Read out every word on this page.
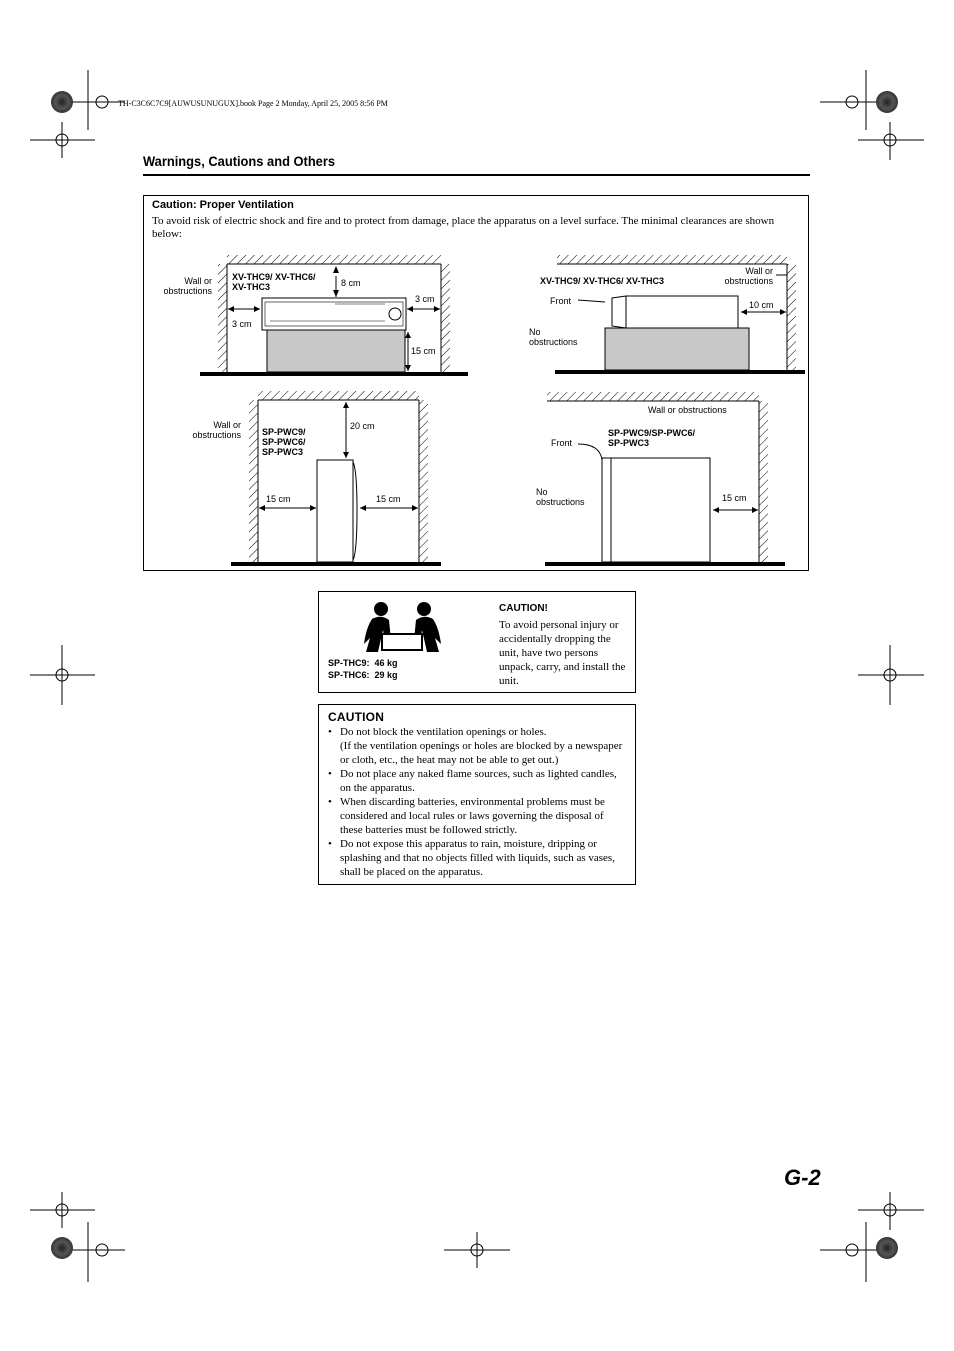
TH-C3C6C7C9[AUWUSUNUGUX].book Page 2 Monday, April 25, 2005 8:56 PM
Warnings, Cautions and Others
Caution: Proper Ventilation
To avoid risk of electric shock and fire and to protect from damage, place the apparatus on a level surface. The minimal clearances are shown below:
Wall or
obstructions
XV-THC9/ XV-THC6/
XV-THC3	8 cm
3 cm
3 cm
15 cm
XV-THC9/ XV-THC6/ XV-THC3
Wall or
obstructions
Front	10 cm
No
obstructions
Wall or
obstructions SP-PWC9/
SP-PWC6/
SP-PWC3
20 cm
15 cm	15 cm
Wall or obstructions
Front
SP-PWC9/SP-PWC6/
SP-PWC3
No
obstructions	15 cm
CAUTION!
To avoid personal injury or accidentally dropping the unit, have two persons unpack, carry, and install the unit.
SP-THC9:  46 kg
SP-THC6:  29 kg
CAUTION
• Do not block the ventilation openings or holes.
(If the ventilation openings or holes are blocked by a newspaper or cloth, etc., the heat may not be able to get out.)
• Do not place any naked flame sources, such as lighted candles, on the apparatus.
• When discarding batteries, environmental problems must be considered and local rules or laws governing the disposal of these batteries must be followed strictly.
• Do not expose this apparatus to rain, moisture, dripping or splashing and that no objects filled with liquids, such as vases, shall be placed on the apparatus.
G-2
